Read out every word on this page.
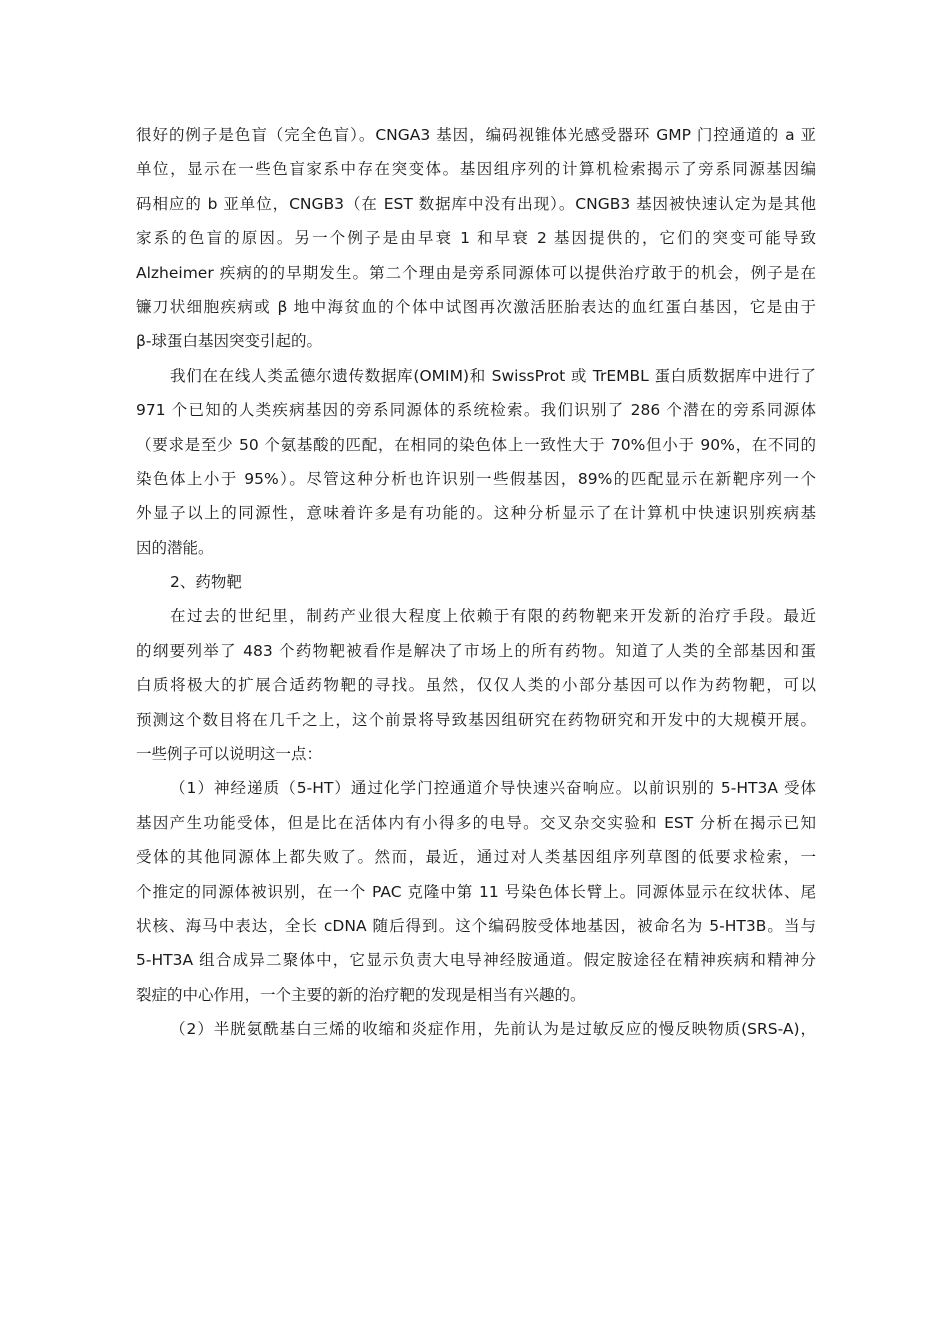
很好的例子是色盲（完全色盲）。CNGA3 基因，编码视锥体光感受器环 GMP 门控通道的 a 亚
单位，显示在一些色盲家系中存在突变体。基因组序列的计算机检索揭示了旁系同源基因编
码相应的 b 亚单位，CNGB3（在 EST 数据库中没有出现）。CNGB3 基因被快速认定为是其他
家系的色盲的原因。另一个例子是由早衰 1 和早衰 2 基因提供的，它们的突变可能导致
Alzheimer 疾病的的早期发生。第二个理由是旁系同源体可以提供治疗敢于的机会，例子是在
镰刀状细胞疾病或 β 地中海贫血的个体中试图再次激活胚胎表达的血红蛋白基因，它是由于
β-球蛋白基因突变引起的。
我们在在线人类孟德尔遗传数据库(OMIM)和 SwissProt 或 TrEMBL 蛋白质数据库中进行了
971 个已知的人类疾病基因的旁系同源体的系统检索。我们识别了 286 个潜在的旁系同源体
（要求是至少 50 个氨基酸的匹配，在相同的染色体上一致性大于 70%但小于 90%，在不同的
染色体上小于 95%）。尽管这种分析也许识别一些假基因，89%的匹配显示在新靶序列一个
外显子以上的同源性，意味着许多是有功能的。这种分析显示了在计算机中快速识别疾病基
因的潜能。
2、药物靶
在过去的世纪里，制药产业很大程度上依赖于有限的药物靶来开发新的治疗手段。最近
的纲要列举了 483 个药物靶被看作是解决了市场上的所有药物。知道了人类的全部基因和蛋
白质将极大的扩展合适药物靶的寻找。虽然，仅仅人类的小部分基因可以作为药物靶，可以
预测这个数目将在几千之上，这个前景将导致基因组研究在药物研究和开发中的大规模开展。
一些例子可以说明这一点：
（1）神经递质（5-HT）通过化学门控通道介导快速兴奋响应。以前识别的 5-HT3A 受体
基因产生功能受体，但是比在活体内有小得多的电导。交叉杂交实验和 EST 分析在揭示已知
受体的其他同源体上都失败了。然而，最近，通过对人类基因组序列草图的低要求检索，一
个推定的同源体被识别，在一个 PAC 克隆中第 11 号染色体长臂上。同源体显示在纹状体、尾
状核、海马中表达，全长 cDNA 随后得到。这个编码胺受体地基因，被命名为 5-HT3B。当与
5-HT3A 组合成异二聚体中，它显示负责大电导神经胺通道。假定胺途径在精神疾病和精神分
裂症的中心作用，一个主要的新的治疗靶的发现是相当有兴趣的。
（2）半胱氨酰基白三烯的收缩和炎症作用，先前认为是过敏反应的慢反映物质(SRS-A)，
